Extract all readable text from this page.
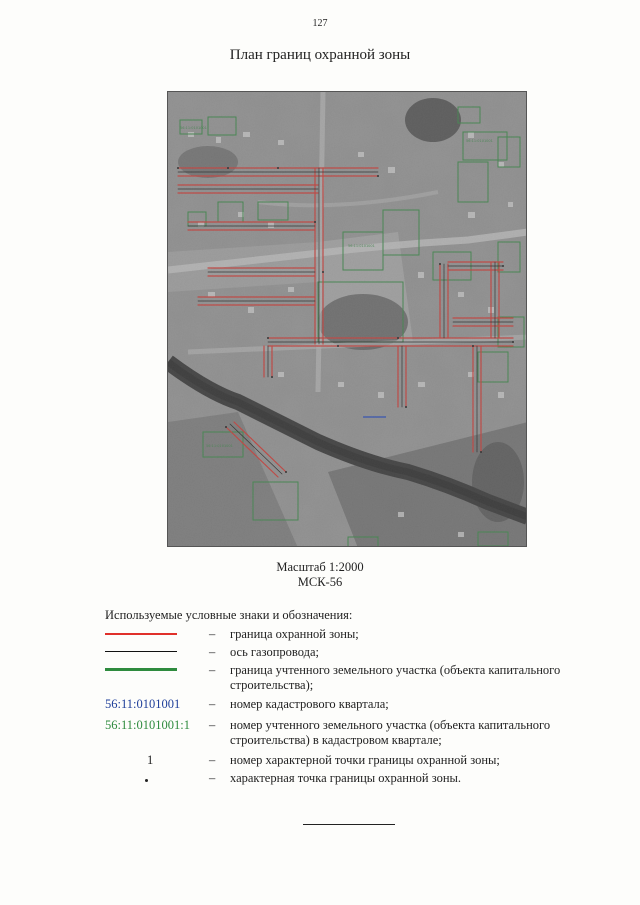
127
План границ охранной зоны
56:11:0101001
56:11:0101001
56:11:0101001
56:11:0101001
Масштаб 1:2000
МСК-56
Используемые условные знаки и обозначения:
– граница охранной зоны;
– ось газопровода;
– граница учтенного земельного участка (объекта капитального строительства);
56:11:0101001	– номер кадастрового квартала;
56:11:0101001:1	– номер учтенного земельного участка (объекта капитального строительства) в кадастровом квартале;
1	– номер характерной точки границы охранной зоны;
– характерная точка границы охранной зоны.
